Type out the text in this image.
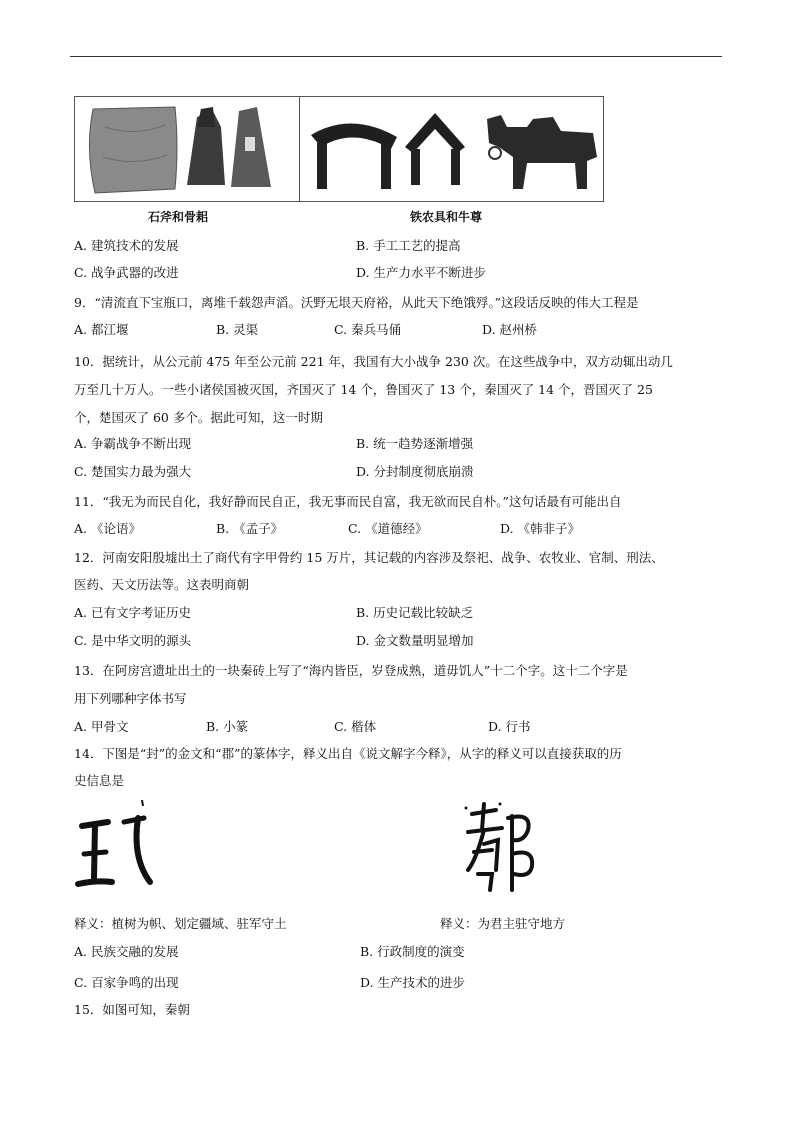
石斧和骨耜	铁农具和牛尊
A. 建筑技术的发展	B. 手工工艺的提高
C. 战争武器的改进	D. 生产力水平不断进步
9．“清流直下宝瓶口，离堆千载怨声滔。沃野无垠天府裕，从此天下绝饿殍。”这段话反映的伟大工程是
A. 都江堰	B. 灵渠	C. 秦兵马俑	D. 赵州桥
10．据统计，从公元前 475 年至公元前 221 年，我国有大小战争 230 次。在这些战争中，双方动辄出动几
万至几十万人。一些小诸侯国被灭国，齐国灭了 14 个，鲁国灭了 13 个，秦国灭了 14 个，晋国灭了 25
个，楚国灭了 60 多个。据此可知，这一时期
A. 争霸战争不断出现	B. 统一趋势逐渐增强
C. 楚国实力最为强大	D. 分封制度彻底崩溃
11．“我无为而民自化，我好静而民自正，我无事而民自富，我无欲而民自朴。”这句话最有可能出自
A. 《论语》	B. 《孟子》	C. 《道德经》	D. 《韩非子》
12．河南安阳殷墟出土了商代有字甲骨约 15 万片，其记载的内容涉及祭祀、战争、农牧业、官制、刑法、
医药、天文历法等。这表明商朝
A. 已有文字考证历史	B. 历史记载比较缺乏
C. 是中华文明的源头	D. 金文数量明显增加
13．在阿房宫遗址出土的一块秦砖上写了“海内皆臣，岁登成熟，道毋饥人”十二个字。这十二个字是
用下列哪种字体书写
A. 甲骨文	B. 小篆	C. 楷体	D. 行书
14．下图是“封”的金文和“郡”的篆体字，释义出自《说文解字今释》，从字的释义可以直接获取的历
史信息是
释义：植树为帜、划定疆域、驻军守土	释义：为君主驻守地方
A. 民族交融的发展	B. 行政制度的演变
C. 百家争鸣的出现	D. 生产技术的进步
15．如图可知，秦朝
